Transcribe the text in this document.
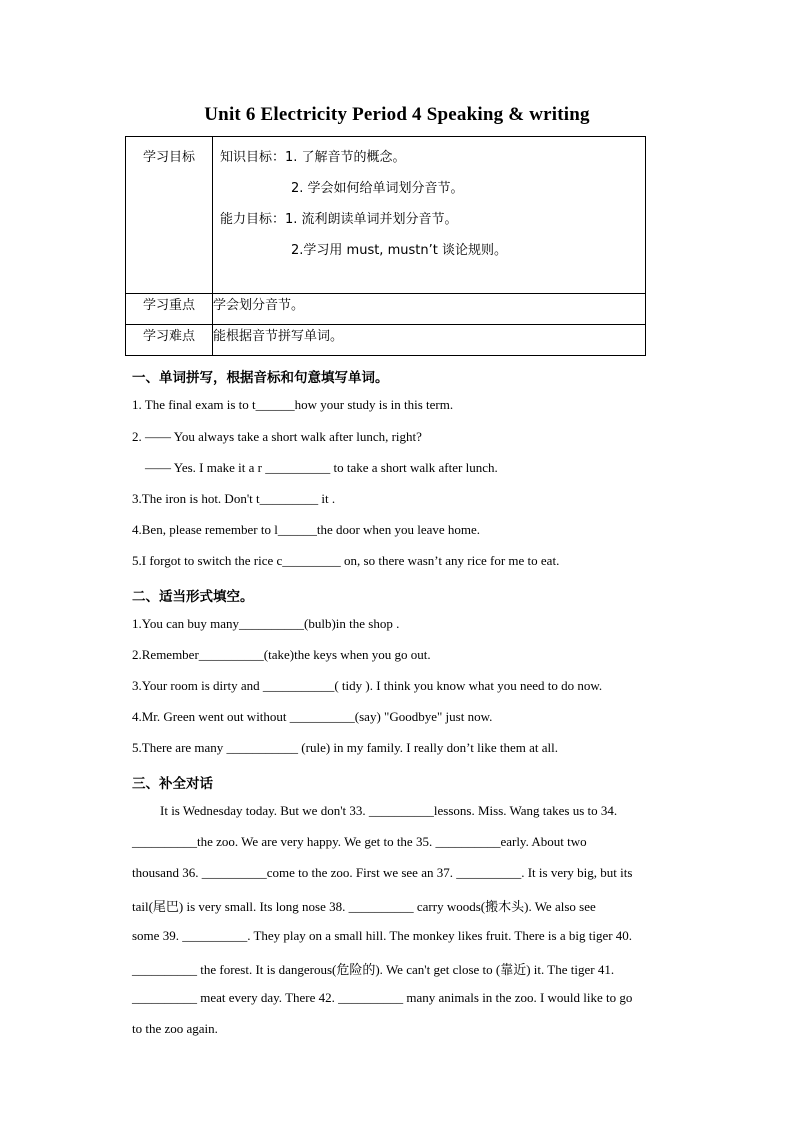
Unit 6 Electricity Period 4 Speaking & writing
学习目标	知识目标：1. 了解音节的概念。
2. 学会如何给单词划分音节。
能力目标：1. 流利朗读单词并划分音节。
2.学习用 must, mustn’t 谈论规则。

学习重点	学会划分音节。
学习难点	能根据音节拼写单词。
一、单词拼写，根据音标和句意填写单词。
1. The final exam is to t______how your study is in this term.
2. —— You always take a short walk after lunch, right?
—— Yes. I make it a r __________ to take a short walk after lunch.
3.The iron is hot. Don't t_________ it .
4.Ben, please remember to l______the door when you leave home.
5.I forgot to switch the rice c_________ on, so there wasn’t any rice for me to eat.
二、适当形式填空。
1.You can buy many__________(bulb)in the shop .
2.Remember__________(take)the keys when you go out.
3.Your room is dirty and ___________( tidy ). I think you know what you need to do now.
4.Mr. Green went out without __________(say) "Goodbye" just now.
5.There are many ___________ (rule) in my family. I really don’t like them at all.
三、补全对话
It is Wednesday today. But we don't 33. __________lessons. Miss. Wang takes us to 34.
__________the zoo. We are very happy. We get to the 35. __________early. About two
thousand 36. __________come to the zoo. First we see an 37. __________. It is very big, but its
tail(尾巴) is very small. Its long nose 38. __________ carry woods(搬木头). We also see
some 39. __________. They play on a small hill. The monkey likes fruit. There is a big tiger 40.
__________ the forest. It is dangerous(危险的). We can't get close to (靠近) it. The tiger 41.
__________ meat every day. There 42. __________ many animals in the zoo. I would like to go
to the zoo again.
